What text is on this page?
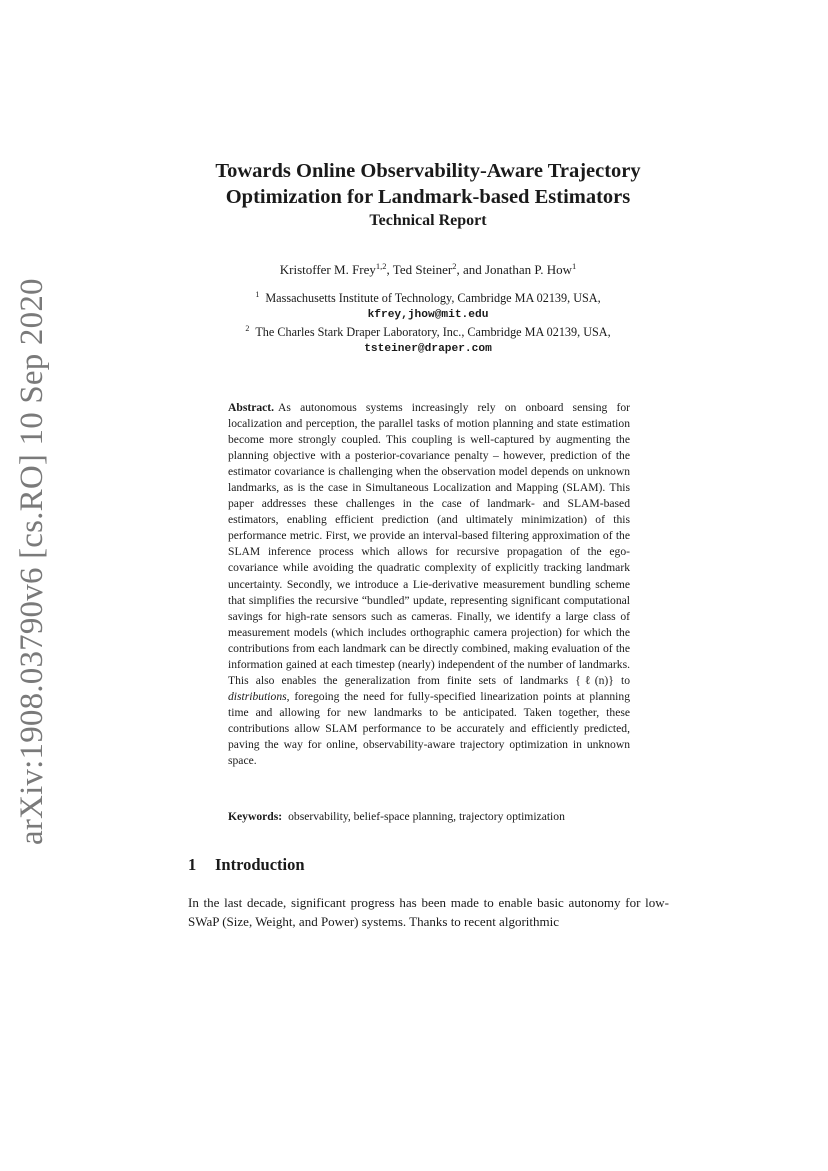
arXiv:1908.03790v6 [cs.RO] 10 Sep 2020
Towards Online Observability-Aware Trajectory
Optimization for Landmark-based Estimators
Technical Report
Kristoffer M. Frey$^{1,2}$, Ted Steiner$^2$, and Jonathan P. How$^1$
$^1$ Massachusetts Institute of Technology, Cambridge MA 02139, USA,
kfrey,jhow@mit.edu
$^2$ The Charles Stark Draper Laboratory, Inc., Cambridge MA 02139, USA,
tsteiner@draper.com

Abstract. As autonomous systems increasingly rely on onboard sensing for localization and perception, the parallel tasks of motion planning and state estimation become more strongly coupled. This coupling is well-captured by augmenting the planning objective with a posterior-covariance penalty – however, prediction of the estimator covariance is challenging when the observation model depends on unknown landmarks, as is the case in Simultaneous Localization and Mapping (SLAM). This paper addresses these challenges in the case of landmark- and SLAM-based estimators, enabling efficient prediction (and ultimately minimization) of this performance metric. First, we provide an interval-based filtering approximation of the SLAM inference process which allows for recursive propagation of the ego-covariance while avoiding the quadratic complexity of explicitly tracking landmark uncertainty. Secondly, we introduce a Lie-derivative measurement bundling scheme that simplifies the recursive “bundled” update, representing significant computational savings for high-rate sensors such as cameras. Finally, we identify a large class of measurement models (which includes orthographic camera projection) for which the contributions from each landmark can be directly combined, making evaluation of the information gained at each timestep (nearly) independent of the number of landmarks. This also enables the generalization from finite sets of landmarks {ℓ(n)} to distributions, foregoing the need for fully-specified linearization points at planning time and allowing for new landmarks to be anticipated. Taken together, these contributions allow SLAM performance to be accurately and efficiently predicted, paving the way for online, observability-aware trajectory optimization in unknown space.

Keywords: observability, belief-space planning, trajectory optimization
1 Introduction
In the last decade, significant progress has been made to enable basic autonomy for low-SWaP (Size, Weight, and Power) systems. Thanks to recent algorithmic
